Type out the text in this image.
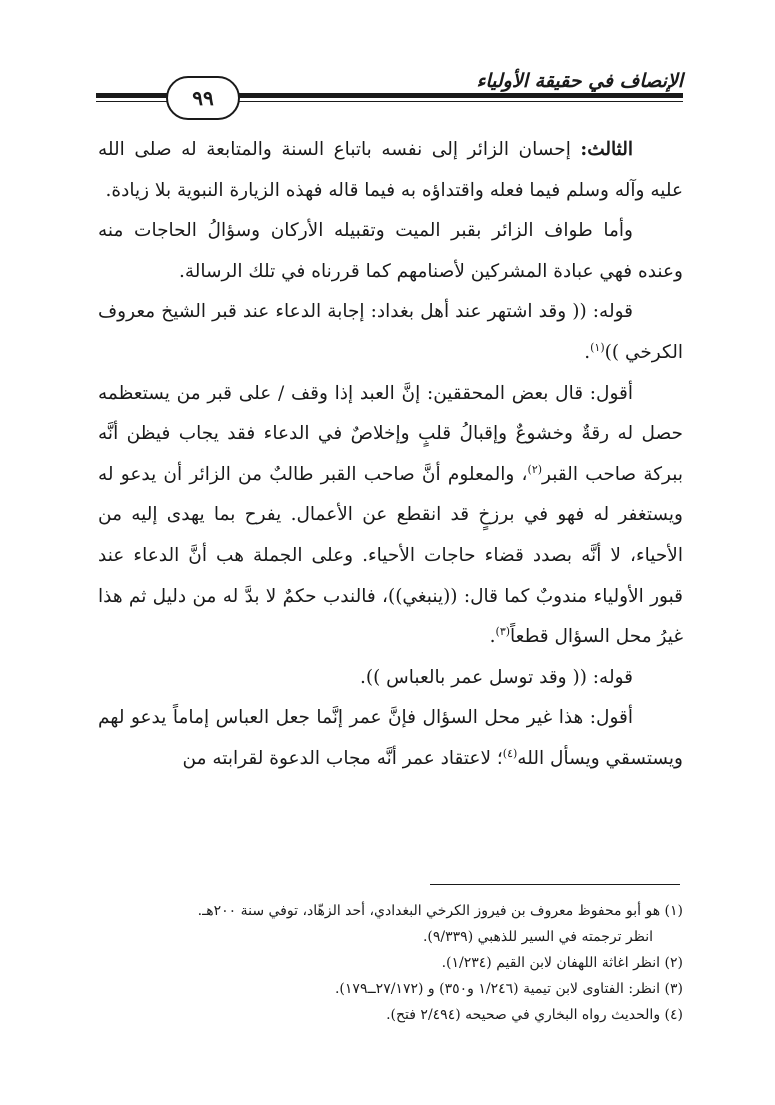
الإنصاف في حقيقة الأولياء
٩٩

الثالث: إحسان الزائر إلى نفسه باتباع السنة والمتابعة له صلى الله عليه وآله وسلم فيما فعله واقتداؤه به فيما قاله فهذه الزيارة النبوية بلا زيادة.

وأما طواف الزائر بقبر الميت وتقبيله الأركان وسؤالُ الحاجات منه وعنده فهي عبادة المشركين لأصنامهم كما قررناه في تلك الرسالة.

قوله: (( وقد اشتهر عند أهل بغداد: إجابة الدعاء عند قبر الشيخ معروف الكرخي ))$^{(١)}$.

أقول: قال بعض المحققين: إنَّ العبد إذا وقف / على قبر من يستعظمه حصل له رقةٌ وخشوعٌ وإقبالُ قلبٍ وإخلاصٌ في الدعاء فقد يجاب فيظن أنَّه ببركة صاحب القبر$^{(٢)}$، والمعلوم أنَّ صاحب القبر طالبٌ من الزائر أن يدعو له ويستغفر له فهو في برزخٍ قد انقطع عن الأعمال. يفرح بما يهدى إليه من الأحياء، لا أنَّه بصدد قضاء حاجات الأحياء. وعلى الجملة هب أنَّ الدعاء عند قبور الأولياء مندوبٌ كما قال: ((ينبغي))، فالندب حكمٌ لا بدَّ له من دليل ثم هذا غيرُ محل السؤال قطعاً$^{(٣)}$.

قوله: (( وقد توسل عمر بالعباس )).

أقول: هذا غير محل السؤال فإنَّ عمر إنَّما جعل العباس إماماً يدعو لهم ويستسقي ويسأل الله$^{(٤)}$؛ لاعتقاد عمر أنَّه مجاب الدعوة لقرابته من

(١) هو أبو محفوظ معروف بن فيروز الكرخي البغدادي، أحد الزهّاد، توفي سنة ٢٠٠هـ.

انظر ترجمته في السير للذهبي (٩/٣٣٩).

(٢) انظر اغاثة اللهفان لابن القيم (١/٢٣٤).

(٣) انظر: الفتاوى لابن تيمية (١/٢٤٦ و٣٥٠) و (٢٧/١٧٢ــ١٧٩).

(٤) والحديث رواه البخاري في صحيحه (٢/٤٩٤ فتح).
